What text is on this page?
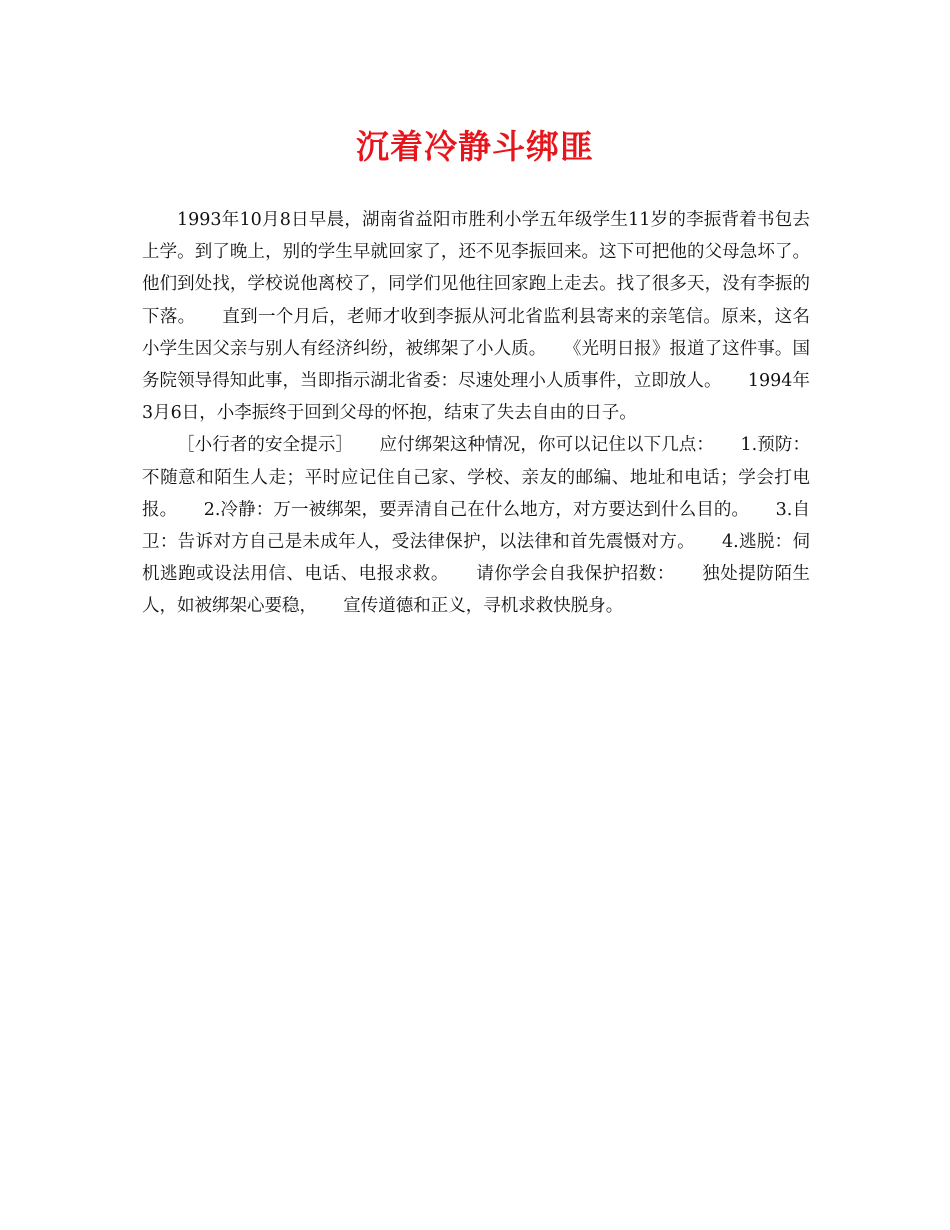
沉着冷静斗绑匪

1993年10月8日早晨，湖南省益阳市胜利小学五年级学生11岁的李振背着书包去上学。到了晚上，别的学生早就回家了，还不见李振回来。这下可把他的父母急坏了。他们到处找，学校说他离校了，同学们见他往回家跑上走去。找了很多天，没有李振的下落。　　直到一个月后，老师才收到李振从河北省监利县寄来的亲笔信。原来，这名小学生因父亲与别人有经济纠纷，被绑架了小人质。　　《光明日报》报道了这件事。国务院领导得知此事，当即指示湖北省委：尽速处理小人质事件，立即放人。　　1994年3月6日，小李振终于回到父母的怀抱，结束了失去自由的日子。

［小行者的安全提示］　　应付绑架这种情况，你可以记住以下几点：　　1.预防：不随意和陌生人走；平时应记住自己家、学校、亲友的邮编、地址和电话；学会打电报。　　2.冷静：万一被绑架，要弄清自己在什么地方，对方要达到什么目的。　　3.自卫：告诉对方自己是未成年人，受法律保护，以法律和首先震慑对方。　　4.逃脱：伺机逃跑或设法用信、电话、电报求救。　　请你学会自我保护招数：　　独处提防陌生人，如被绑架心要稳，　　宣传道德和正义，寻机求救快脱身。
